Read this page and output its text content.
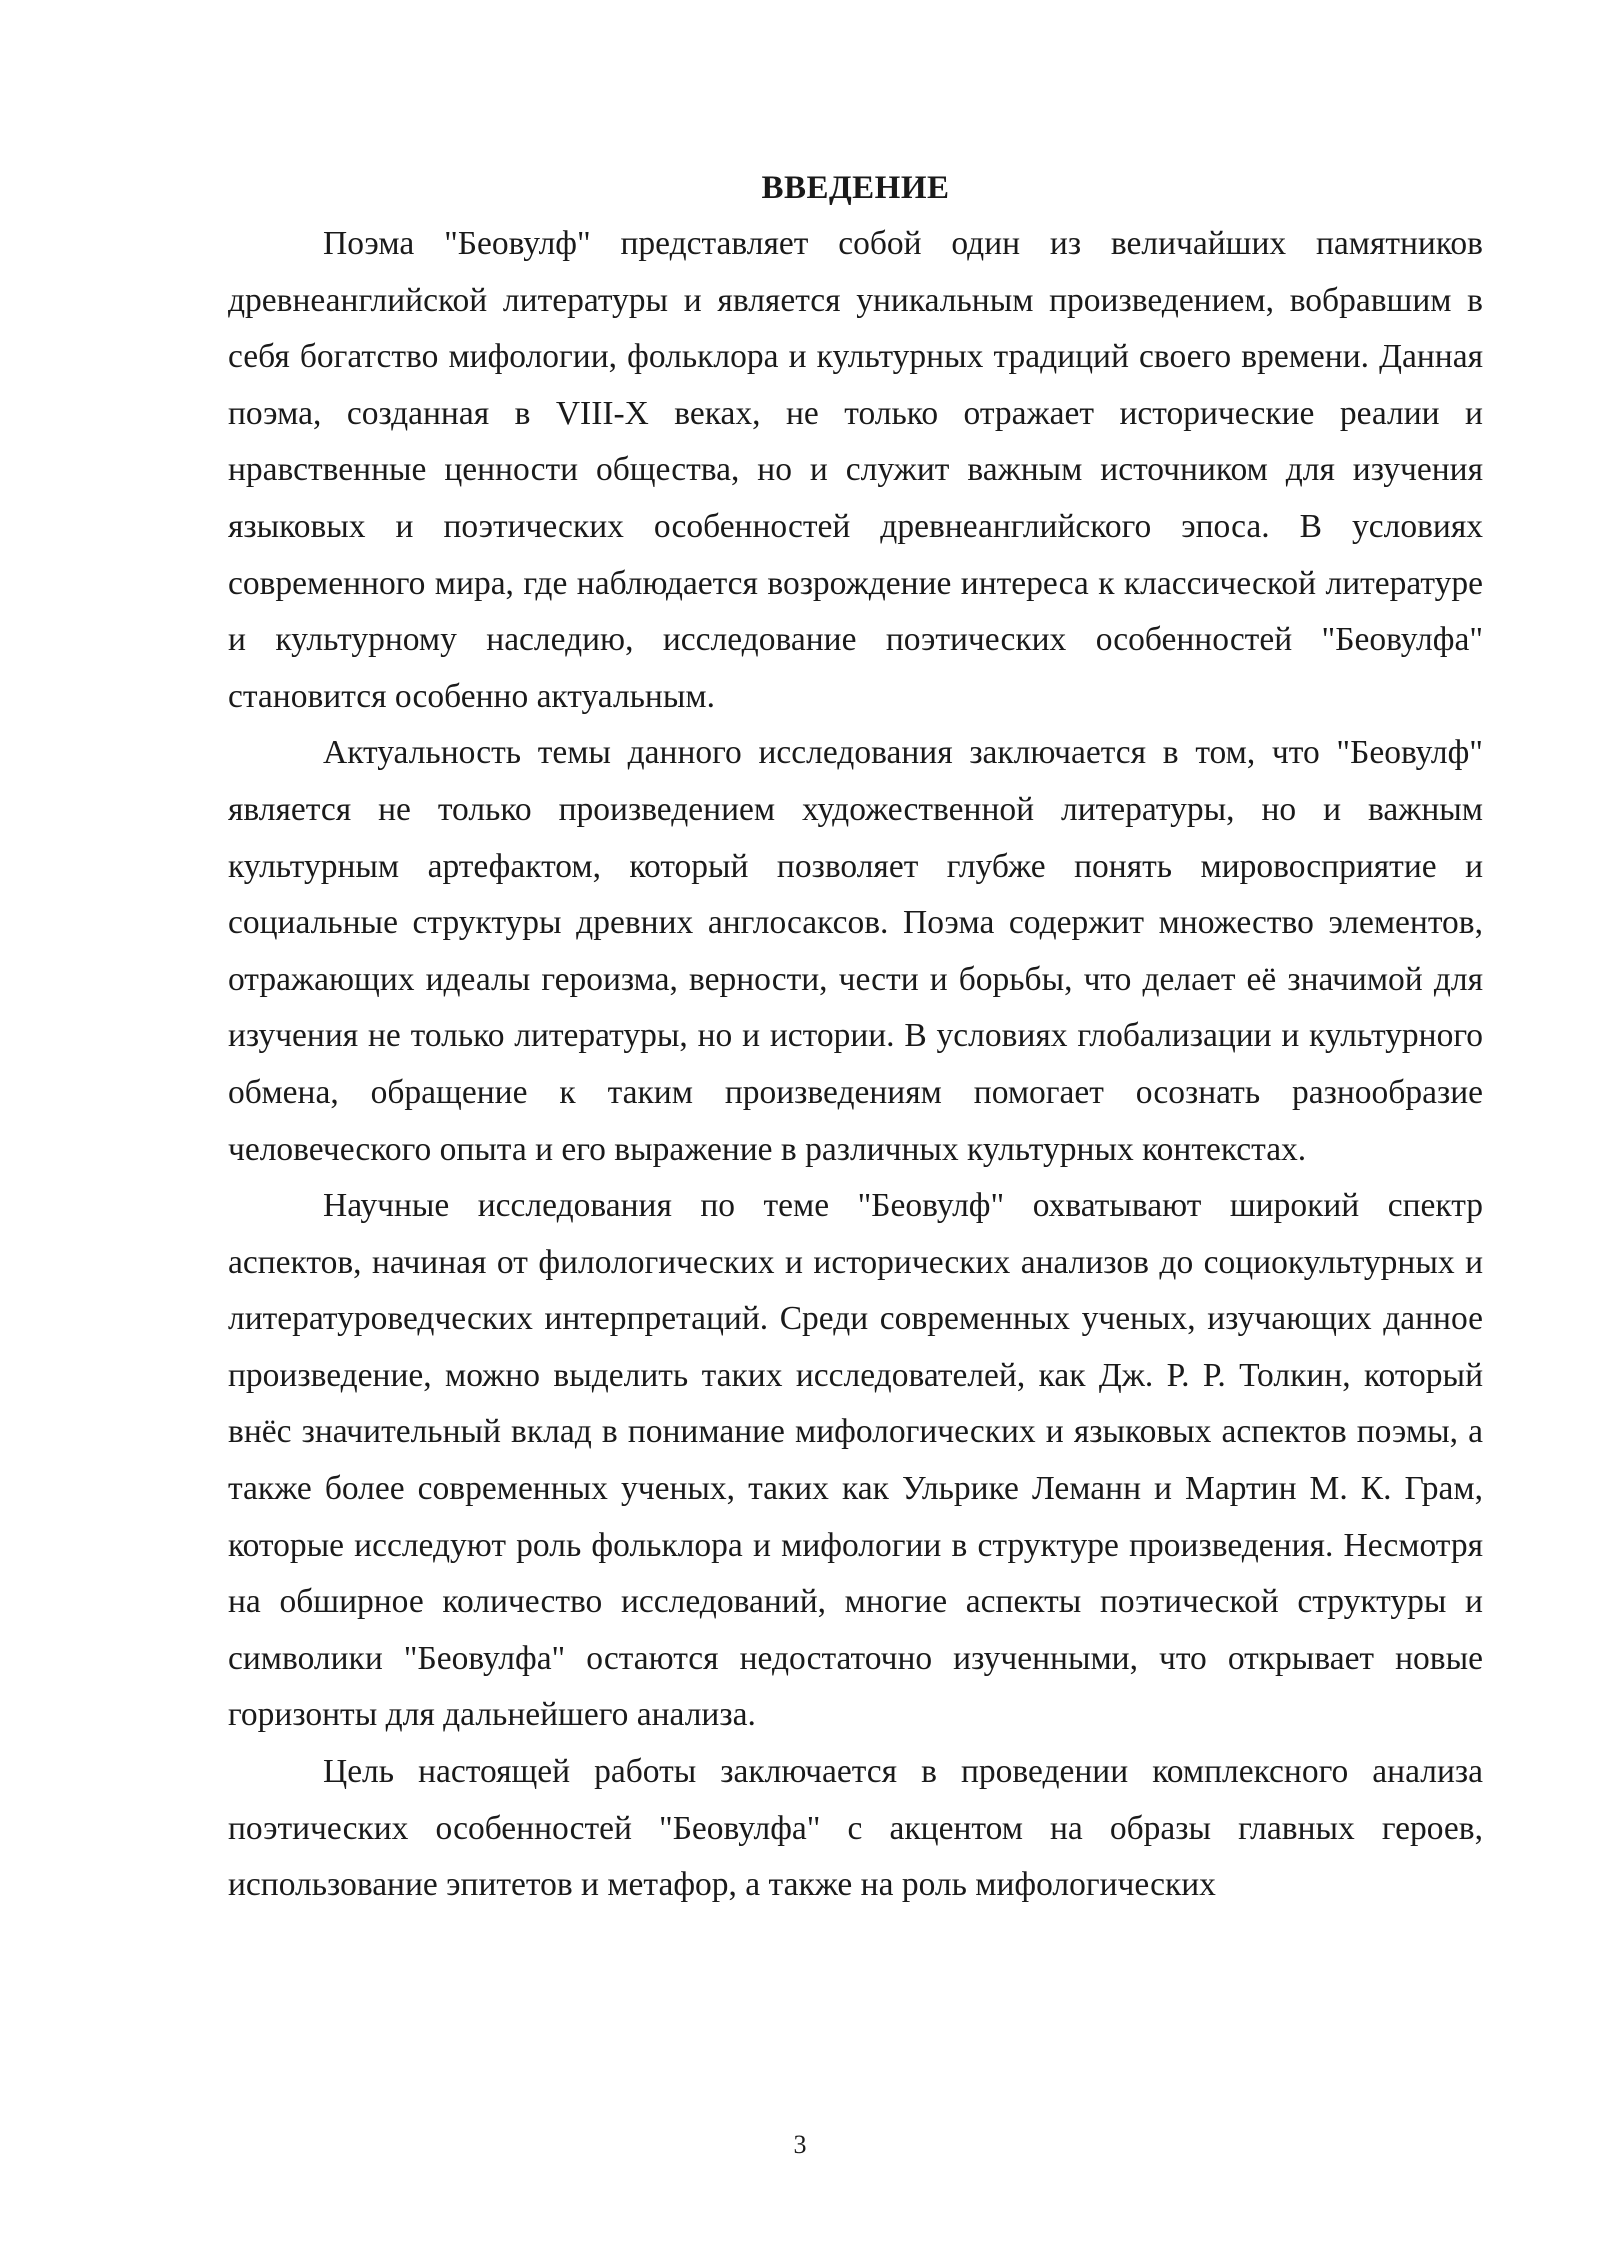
ВВЕДЕНИЕ

Поэма "Беовулф" представляет собой один из величайших памятников древнеанглийской литературы и является уникальным произведением, вобравшим в себя богатство мифологии, фольклора и культурных традиций своего времени. Данная поэма, созданная в VIII-X веках, не только отражает исторические реалии и нравственные ценности общества, но и служит важным источником для изучения языковых и поэтических особенностей древнеанглийского эпоса. В условиях современного мира, где наблюдается возрождение интереса к классической литературе и культурному наследию, исследование поэтических особенностей "Беовулфа" становится особенно актуальным.

Актуальность темы данного исследования заключается в том, что "Беовулф" является не только произведением художественной литературы, но и важным культурным артефактом, который позволяет глубже понять мировосприятие и социальные структуры древних англосаксов. Поэма содержит множество элементов, отражающих идеалы героизма, верности, чести и борьбы, что делает её значимой для изучения не только литературы, но и истории. В условиях глобализации и культурного обмена, обращение к таким произведениям помогает осознать разнообразие человеческого опыта и его выражение в различных культурных контекстах.

Научные исследования по теме "Беовулф" охватывают широкий спектр аспектов, начиная от филологических и исторических анализов до социокультурных и литературоведческих интерпретаций. Среди современных ученых, изучающих данное произведение, можно выделить таких исследователей, как Дж. Р. Р. Толкин, который внёс значительный вклад в понимание мифологических и языковых аспектов поэмы, а также более современных ученых, таких как Ульрике Леманн и Мартин М. К. Грам, которые исследуют роль фольклора и мифологии в структуре произведения. Несмотря на обширное количество исследований, многие аспекты поэтической структуры и символики "Беовулфа" остаются недостаточно изученными, что открывает новые горизонты для дальнейшего анализа.

Цель настоящей работы заключается в проведении комплексного анализа поэтических особенностей "Беовулфа" с акцентом на образы главных героев, использование эпитетов и метафор, а также на роль мифологических

3
